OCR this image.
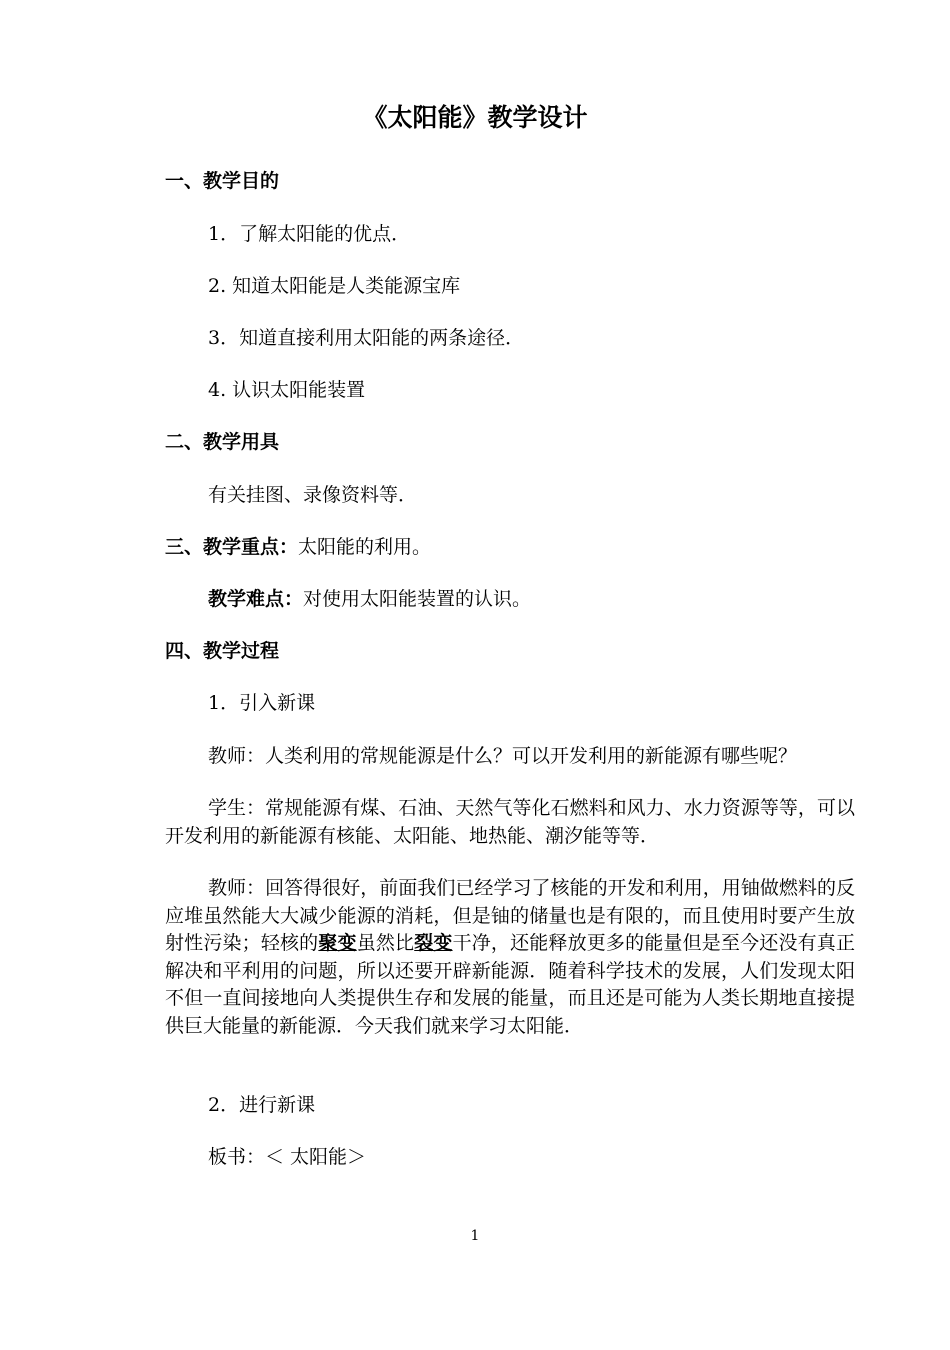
《太阳能》教学设计
一、教学目的
1．了解太阳能的优点．
2. 知道太阳能是人类能源宝库
3．知道直接利用太阳能的两条途径．
4. 认识太阳能装置
二、教学用具
有关挂图、录像资料等．
三、教学重点：太阳能的利用。
教学难点：对使用太阳能装置的认识。
四、教学过程
1．引入新课
教师：人类利用的常规能源是什么？可以开发利用的新能源有哪些呢？
学生：常规能源有煤、石油、天然气等化石燃料和风力、水力资源等等，可以开发利用的新能源有核能、太阳能、地热能、潮汐能等等．
教师：回答得很好，前面我们已经学习了核能的开发和利用，用铀做燃料的反应堆虽然能大大减少能源的消耗，但是铀的储量也是有限的，而且使用时要产生放射性污染；轻核的聚变虽然比裂变干净，还能释放更多的能量但是至今还没有真正解决和平利用的问题，所以还要开辟新能源．随着科学技术的发展，人们发现太阳不但一直间接地向人类提供生存和发展的能量，而且还是可能为人类长期地直接提供巨大能量的新能源．今天我们就来学习太阳能．
2．进行新课
板书：＜ 太阳能＞
1
